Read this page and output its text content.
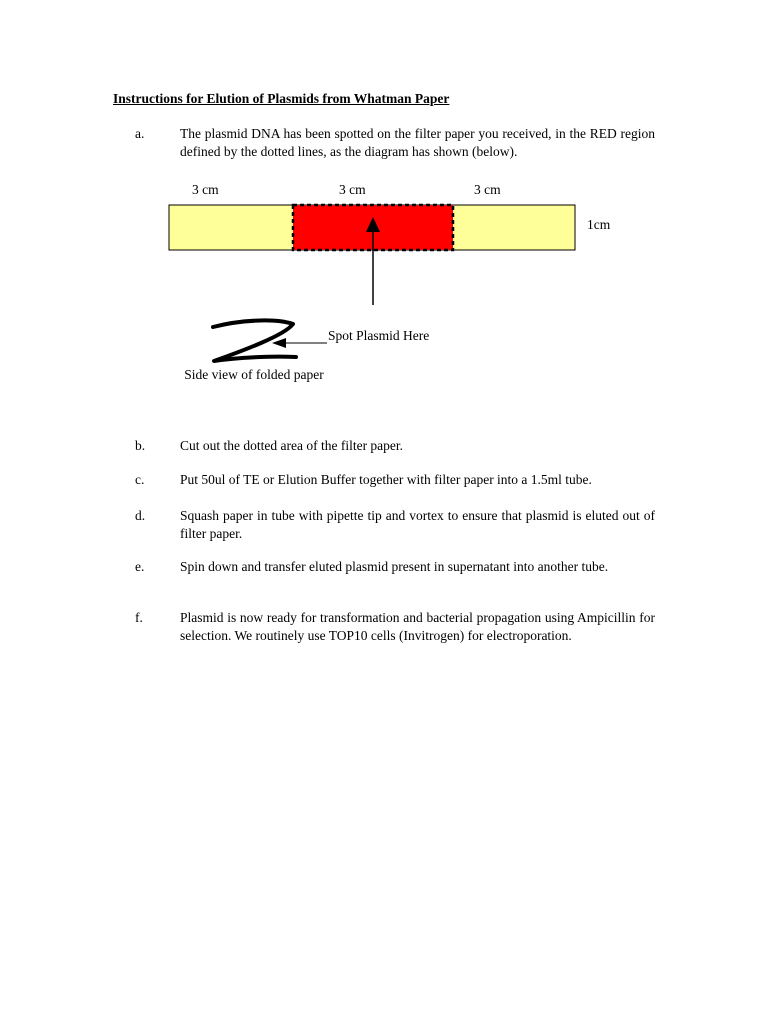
Instructions for Elution of Plasmids from Whatman Paper
a.	The plasmid DNA has been spotted on the filter paper you received, in the RED region defined by the dotted lines, as the diagram has shown (below).
3 cm	3 cm	3 cm
1cm
Spot Plasmid Here
Side view of folded paper
b.	Cut out the dotted area of the filter paper.
c.	Put 50ul of TE or Elution Buffer together with filter paper into a 1.5ml tube.
d.	Squash paper in tube with pipette tip and vortex to ensure that plasmid is eluted out of filter paper.
e.	Spin down and transfer eluted plasmid present in supernatant into another tube.
f.	Plasmid is now ready for transformation and bacterial propagation using Ampicillin for selection. We routinely use TOP10 cells (Invitrogen) for electroporation.
